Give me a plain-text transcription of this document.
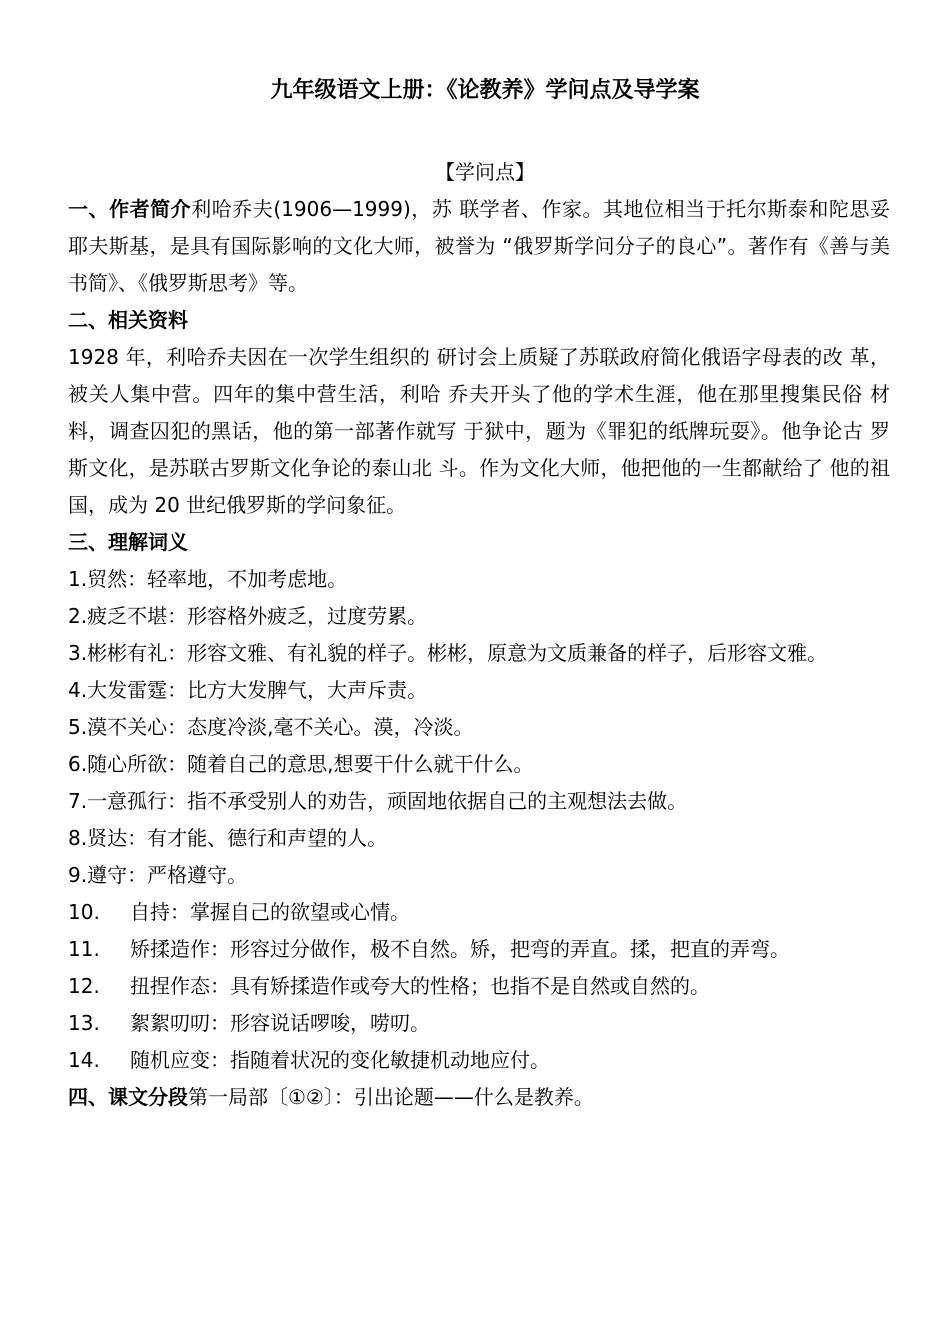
九年级语文上册：《论教养》学问点及导学案
【学问点】

一、作者简介利哈乔夫(1906—1999)，苏 联学者、作家。其地位相当于托尔斯泰和陀思妥 耶夫斯基，是具有国际影响的文化大师，被誉为 “俄罗斯学问分子的良心”。著作有《善与美书简》、《俄罗斯思考》等。

二、相关资料

1928 年，利哈乔夫因在一次学生组织的 研讨会上质疑了苏联政府简化俄语字母表的改 革，被关人集中营。四年的集中营生活，利哈 乔夫开头了他的学术生涯，他在那里搜集民俗 材料，调查囚犯的黑话，他的第一部著作就写 于狱中，题为《罪犯的纸牌玩耍》。他争论古 罗斯文化，是苏联古罗斯文化争论的泰山北 斗。作为文化大师，他把他的一生都献给了 他的祖国，成为 20 世纪俄罗斯的学问象征。

三、理解词义

1.贸然：轻率地，不加考虑地。

2.疲乏不堪：形容格外疲乏，过度劳累。

3.彬彬有礼：形容文雅、有礼貌的样子。彬彬，原意为文质兼备的样子，后形容文雅。

4.大发雷霆：比方大发脾气，大声斥责。

5.漠不关心：态度冷淡,毫不关心。漠，冷淡。

6.随心所欲：随着自己的意思,想要干什么就干什么。

7.一意孤行：指不承受别人的劝告，顽固地依据自己的主观想法去做。

8.贤达：有才能、德行和声望的人。

9.遵守：严格遵守。

10. 自持：掌握自己的欲望或心情。

11. 矫揉造作：形容过分做作，极不自然。矫，把弯的弄直。揉，把直的弄弯。

12. 扭捏作态：具有矫揉造作或夸大的性格；也指不是自然或自然的。

13. 絮絮叨叨：形容说话啰唆，唠叨。

14. 随机应变：指随着状况的变化敏捷机动地应付。

四、课文分段第一局部〔①②〕：引出论题——什么是教养。
